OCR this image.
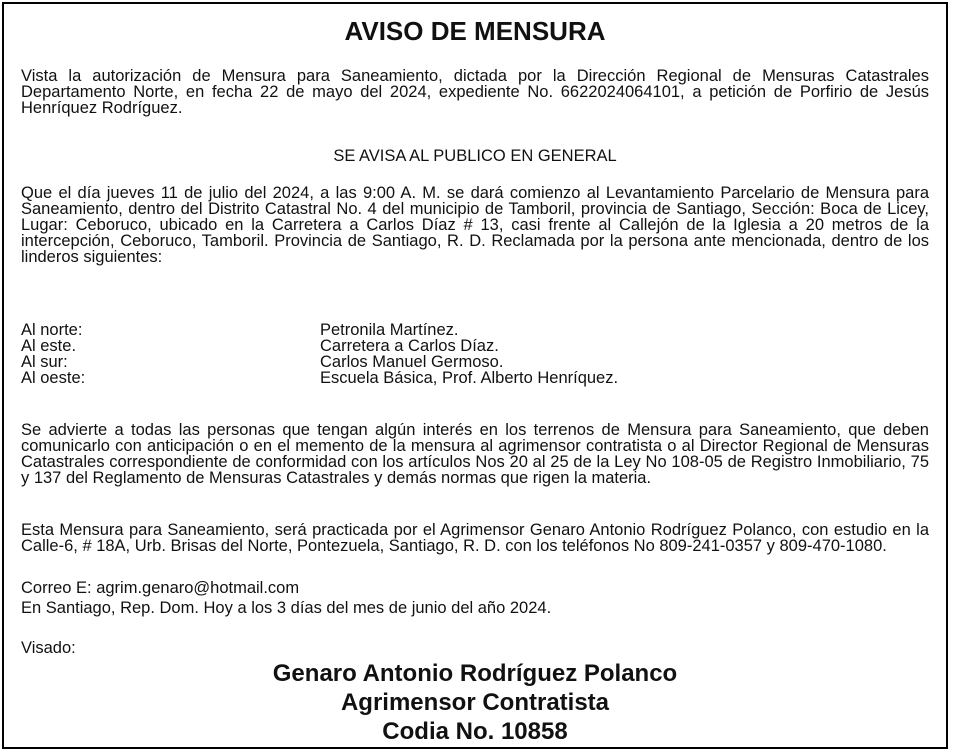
AVISO DE MENSURA

Vista la autorización de Mensura para Saneamiento, dictada por la Dirección Regional de Mensuras Catastrales Departamento Norte, en fecha 22 de mayo del 2024, expediente No. 6622024064101, a petición de Porfirio de Jesús Henríquez Rodríguez.

SE AVISA AL PUBLICO EN GENERAL

Que el día jueves 11 de julio del 2024, a las 9:00 A. M. se dará comienzo al Levantamiento Parcelario de Mensura para Saneamiento, dentro del Distrito Catastral No. 4 del municipio de Tamboril, provincia de Santiago, Sección: Boca de Licey, Lugar: Ceboruco, ubicado en la Carretera a Carlos Díaz # 13, casi frente al Callejón de la Iglesia a 20 metros de la intercepción, Ceboruco, Tamboril. Provincia de Santiago, R. D. Reclamada por la persona ante mencionada, dentro de los linderos siguientes:

Al norte:	Petronila Martínez.
Al este.	Carretera a Carlos Díaz.
Al sur:	Carlos Manuel Germoso.
Al oeste:	Escuela Básica, Prof. Alberto Henríquez.

Se advierte a todas las personas que tengan algún interés en los terrenos de Mensura para Saneamiento, que deben comunicarlo con anticipación o en el memento de la mensura al agrimensor contratista o al Director Regional de Mensuras Catastrales correspondiente de conformidad con los artículos Nos 20 al 25 de la Ley No 108-05 de Registro Inmobiliario, 75 y 137 del Reglamento de Mensuras Catastrales y demás normas que rigen la materia.

Esta Mensura para Saneamiento, será practicada por el Agrimensor Genaro Antonio Rodríguez Polanco, con estudio en la Calle-6, # 18A, Urb. Brisas del Norte, Pontezuela, Santiago, R. D. con los teléfonos No 809-241-0357 y 809-470-1080.

Correo E: agrim.genaro@hotmail.com
En Santiago, Rep. Dom. Hoy a los 3 días del mes de junio del año 2024.
Visado:
Genaro Antonio Rodríguez Polanco
Agrimensor Contratista
Codia No. 10858
